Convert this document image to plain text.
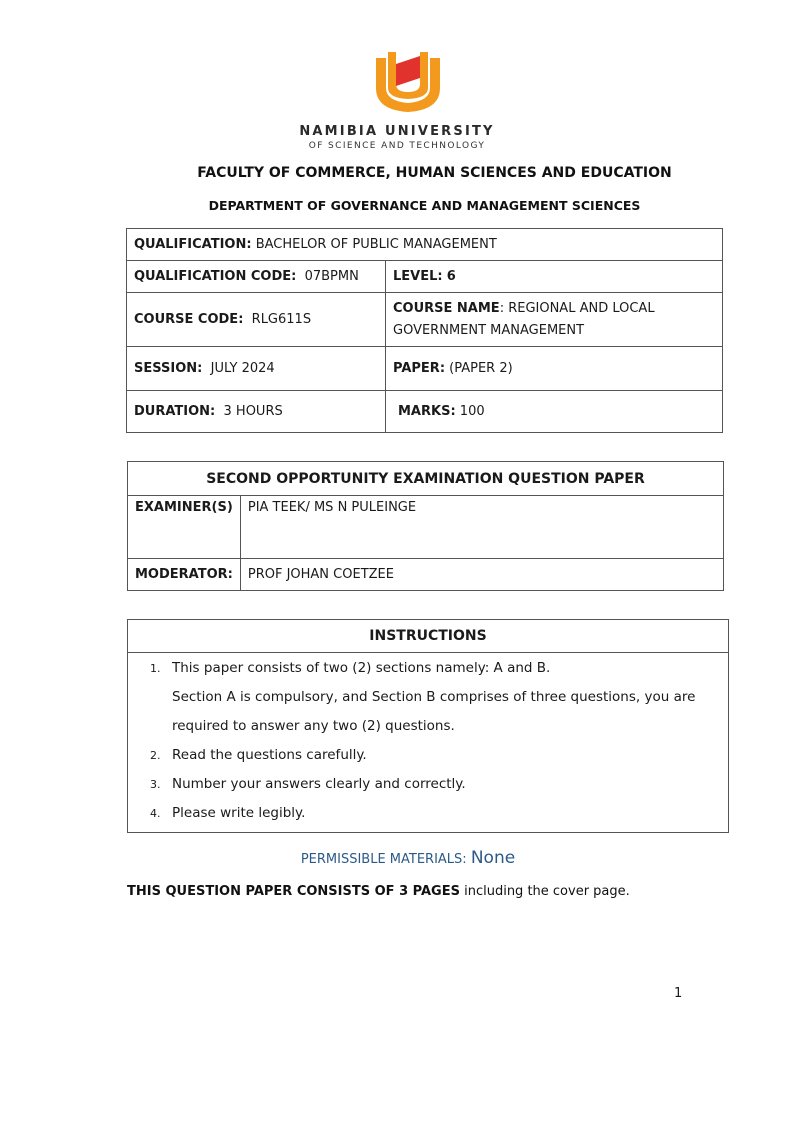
NAMIBIA UNIVERSITY
OF SCIENCE AND TECHNOLOGY
FACULTY OF COMMERCE, HUMAN SCIENCES AND EDUCATION
DEPARTMENT OF GOVERNANCE AND MANAGEMENT SCIENCES
QUALIFICATION: BACHELOR OF PUBLIC MANAGEMENT	
QUALIFICATION CODE: 07BPMN	LEVEL: 6
COURSE CODE: RLG611S	COURSE NAME: REGIONAL AND LOCAL GOVERNMENT MANAGEMENT
SESSION: JULY 2024	PAPER: (PAPER 2)
DURATION: 3 HOURS	MARKS: 100
SECOND OPPORTUNITY EXAMINATION QUESTION PAPER	
EXAMINER(S)	PIA TEEK/ MS N PULEINGE
MODERATOR:	PROF JOHAN COETZEE
INSTRUCTIONS

1. This paper consists of two (2) sections namely: A and B.
Section A is compulsory, and Section B comprises of three questions, you are
required to answer any two (2) questions.
2. Read the questions carefully.
3. Number your answers clearly and correctly.
4. Please write legibly.
PERMISSIBLE MATERIALS: None
THIS QUESTION PAPER CONSISTS OF 3 PAGES including the cover page.
1
